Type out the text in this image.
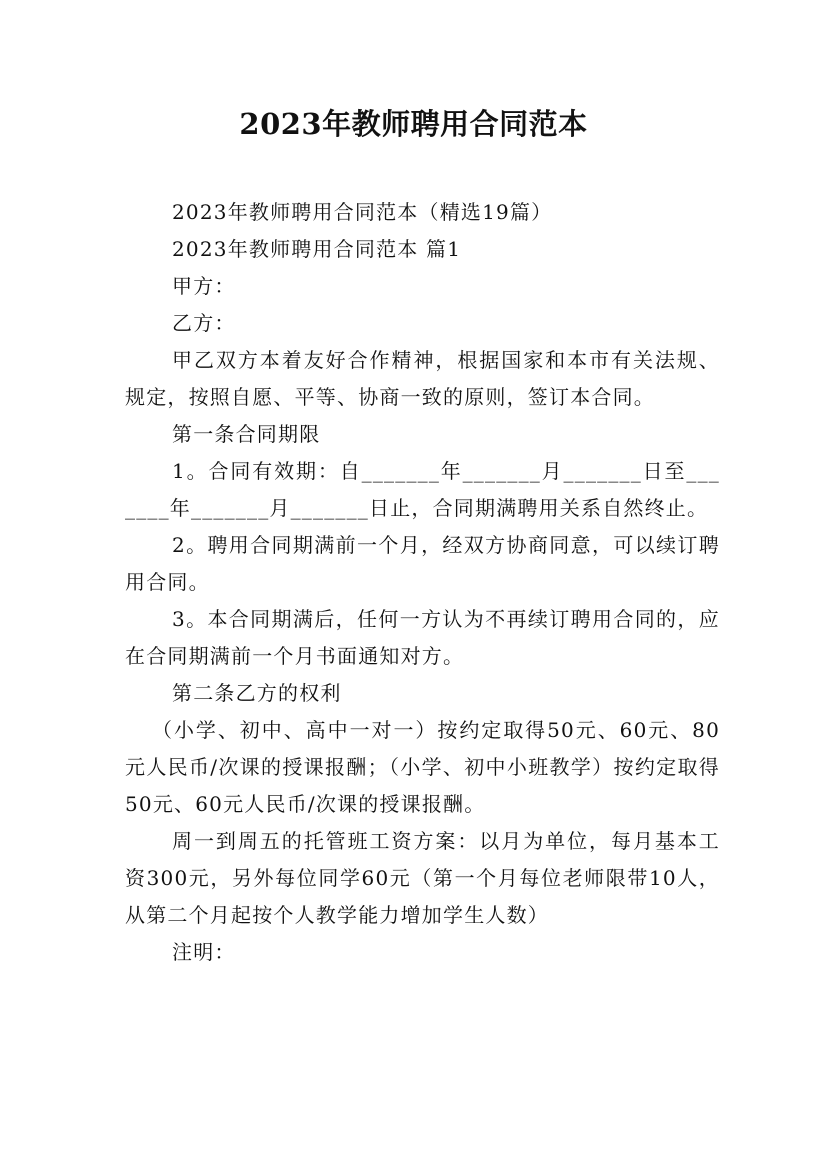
2023年教师聘用合同范本

2023年教师聘用合同范本（精选19篇）

2023年教师聘用合同范本 篇1

甲方：

乙方：

甲乙双方本着友好合作精神，根据国家和本市有关法规、规定，按照自愿、平等、协商一致的原则，签订本合同。

第一条合同期限

1。合同有效期：自_______年_______月_______日至_______年_______月_______日止，合同期满聘用关系自然终止。

2。聘用合同期满前一个月，经双方协商同意，可以续订聘用合同。

3。本合同期满后，任何一方认为不再续订聘用合同的，应在合同期满前一个月书面通知对方。

第二条乙方的权利

（小学、初中、高中一对一）按约定取得50元、60元、80元人民币/次课的授课报酬；（小学、初中小班教学）按约定取得50元、60元人民币/次课的授课报酬。

周一到周五的托管班工资方案：以月为单位，每月基本工资300元，另外每位同学60元（第一个月每位老师限带10人，从第二个月起按个人教学能力增加学生人数）

注明：
